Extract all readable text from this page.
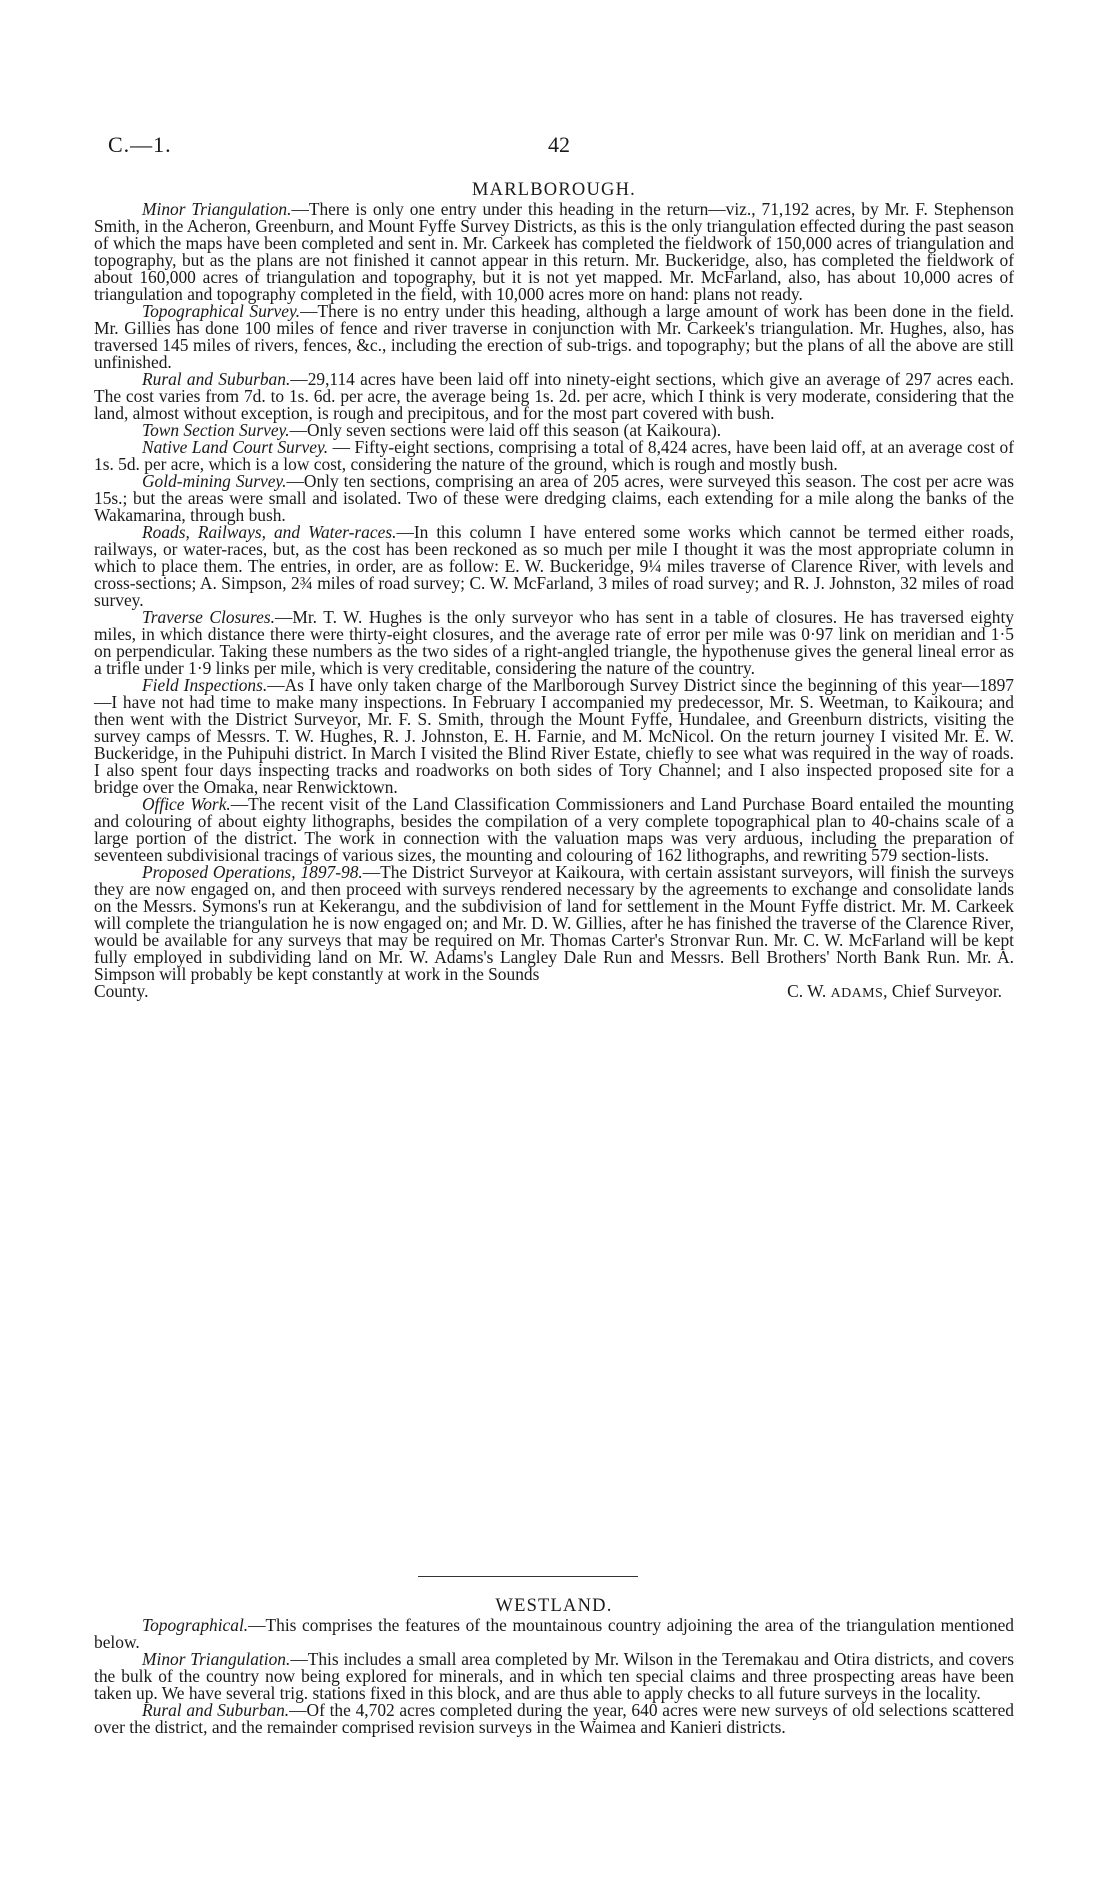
C.—1.	42
MARLBOROUGH.

Minor Triangulation.—There is only one entry under this heading in the return—viz., 71,192 acres, by Mr. F. Stephenson Smith, in the Acheron, Greenburn, and Mount Fyffe Survey Districts, as this is the only triangulation effected during the past season of which the maps have been completed and sent in. Mr. Carkeek has completed the fieldwork of 150,000 acres of triangulation and topography, but as the plans are not finished it cannot appear in this return. Mr. Buckeridge, also, has completed the fieldwork of about 160,000 acres of triangulation and topography, but it is not yet mapped. Mr. McFarland, also, has about 10,000 acres of triangulation and topography completed in the field, with 10,000 acres more on hand: plans not ready.

Topographical Survey.—There is no entry under this heading, although a large amount of work has been done in the field. Mr. Gillies has done 100 miles of fence and river traverse in conjunction with Mr. Carkeek's triangulation. Mr. Hughes, also, has traversed 145 miles of rivers, fences, &c., including the erection of sub-trigs. and topography; but the plans of all the above are still unfinished.

Rural and Suburban.—29,114 acres have been laid off into ninety-eight sections, which give an average of 297 acres each. The cost varies from 7d. to 1s. 6d. per acre, the average being 1s. 2d. per acre, which I think is very moderate, considering that the land, almost without exception, is rough and precipitous, and for the most part covered with bush.

Town Section Survey.—Only seven sections were laid off this season (at Kaikoura).

Native Land Court Survey. — Fifty-eight sections, comprising a total of 8,424 acres, have been laid off, at an average cost of 1s. 5d. per acre, which is a low cost, considering the nature of the ground, which is rough and mostly bush.

Gold-mining Survey.—Only ten sections, comprising an area of 205 acres, were surveyed this season. The cost per acre was 15s.; but the areas were small and isolated. Two of these were dredging claims, each extending for a mile along the banks of the Wakamarina, through bush.

Roads, Railways, and Water-races.—In this column I have entered some works which cannot be termed either roads, railways, or water-races, but, as the cost has been reckoned as so much per mile I thought it was the most appropriate column in which to place them. The entries, in order, are as follow: E. W. Buckeridge, 9¼ miles traverse of Clarence River, with levels and cross-sections; A. Simpson, 2¾ miles of road survey; C. W. McFarland, 3 miles of road survey; and R. J. Johnston, 32 miles of road survey.

Traverse Closures.—Mr. T. W. Hughes is the only surveyor who has sent in a table of closures. He has traversed eighty miles, in which distance there were thirty-eight closures, and the average rate of error per mile was 0·97 link on meridian and 1·5 on perpendicular. Taking these numbers as the two sides of a right-angled triangle, the hypothenuse gives the general lineal error as a trifle under 1·9 links per mile, which is very creditable, considering the nature of the country.

Field Inspections.—As I have only taken charge of the Marlborough Survey District since the beginning of this year—1897—I have not had time to make many inspections. In February I accompanied my predecessor, Mr. S. Weetman, to Kaikoura; and then went with the District Surveyor, Mr. F. S. Smith, through the Mount Fyffe, Hundalee, and Greenburn districts, visiting the survey camps of Messrs. T. W. Hughes, R. J. Johnston, E. H. Farnie, and M. McNicol. On the return journey I visited Mr. E. W. Buckeridge, in the Puhipuhi district. In March I visited the Blind River Estate, chiefly to see what was required in the way of roads. I also spent four days inspecting tracks and roadworks on both sides of Tory Channel; and I also inspected proposed site for a bridge over the Omaka, near Renwicktown.

Office Work.—The recent visit of the Land Classification Commissioners and Land Purchase Board entailed the mounting and colouring of about eighty lithographs, besides the compilation of a very complete topographical plan to 40-chains scale of a large portion of the district. The work in connection with the valuation maps was very arduous, including the preparation of seventeen subdivisional tracings of various sizes, the mounting and colouring of 162 lithographs, and rewriting 579 section-lists.

Proposed Operations, 1897-98.—The District Surveyor at Kaikoura, with certain assistant surveyors, will finish the surveys they are now engaged on, and then proceed with surveys rendered necessary by the agreements to exchange and consolidate lands on the Messrs. Symons's run at Kekerangu, and the subdivision of land for settlement in the Mount Fyffe district. Mr. M. Carkeek will complete the triangulation he is now engaged on; and Mr. D. W. Gillies, after he has finished the traverse of the Clarence River, would be available for any surveys that may be required on Mr. Thomas Carter's Stronvar Run. Mr. C. W. McFarland will be kept fully employed in subdividing land on Mr. W. Adams's Langley Dale Run and Messrs. Bell Brothers' North Bank Run. Mr. A. Simpson will probably be kept constantly at work in the Sounds

County.	C. W. ADAMS, Chief Surveyor.
WESTLAND.

Topographical.—This comprises the features of the mountainous country adjoining the area of the triangulation mentioned below.

Minor Triangulation.—This includes a small area completed by Mr. Wilson in the Teremakau and Otira districts, and covers the bulk of the country now being explored for minerals, and in which ten special claims and three prospecting areas have been taken up. We have several trig. stations fixed in this block, and are thus able to apply checks to all future surveys in the locality.

Rural and Suburban.—Of the 4,702 acres completed during the year, 640 acres were new surveys of old selections scattered over the district, and the remainder comprised revision surveys in the Waimea and Kanieri districts.
